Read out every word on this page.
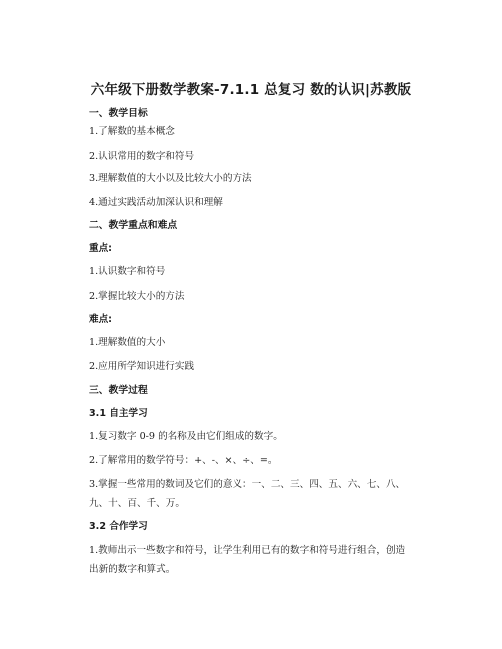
六年级下册数学教案-7.1.1 总复习 数的认识|苏教版
一、教学目标
1.了解数的基本概念
2.认识常用的数字和符号
3.理解数值的大小以及比较大小的方法
4.通过实践活动加深认识和理解
二、教学重点和难点
重点:
1.认识数字和符号
2.掌握比较大小的方法
难点:
1.理解数值的大小
2.应用所学知识进行实践
三、教学过程
3.1 自主学习
1.复习数字 0-9 的名称及由它们组成的数字。
2.了解常用的数学符号：+、-、×、÷、=。
3.掌握一些常用的数词及它们的意义：一、二、三、四、五、六、七、八、九、十、百、千、万。
3.2 合作学习
1.教师出示一些数字和符号，让学生利用已有的数字和符号进行组合，创造出新的数字和算式。
